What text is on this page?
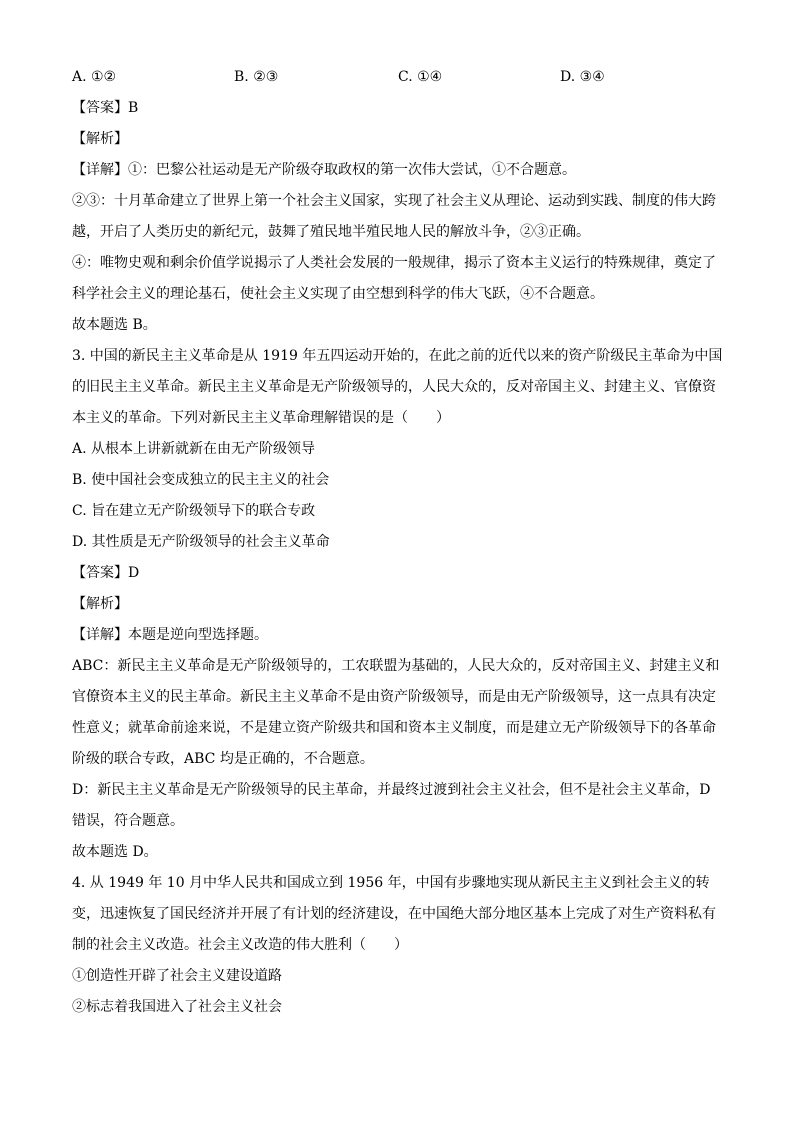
A. ①②	B. ②③	C. ①④	D. ③④
【答案】B
【解析】
【详解】①：巴黎公社运动是无产阶级夺取政权的第一次伟大尝试，①不合题意。
②③：十月革命建立了世界上第一个社会主义国家，实现了社会主义从理论、运动到实践、制度的伟大跨越，开启了人类历史的新纪元，鼓舞了殖民地半殖民地人民的解放斗争，②③正确。
④：唯物史观和剩余价值学说揭示了人类社会发展的一般规律，揭示了资本主义运行的特殊规律，奠定了科学社会主义的理论基石，使社会主义实现了由空想到科学的伟大飞跃，④不合题意。
故本题选 B。
3. 中国的新民主主义革命是从 1919 年五四运动开始的，在此之前的近代以来的资产阶级民主革命为中国的旧民主主义革命。新民主主义革命是无产阶级领导的，人民大众的，反对帝国主义、封建主义、官僚资本主义的革命。下列对新民主主义革命理解错误的是（　　）
A. 从根本上讲新就新在由无产阶级领导
B. 使中国社会变成独立的民主主义的社会
C. 旨在建立无产阶级领导下的联合专政
D. 其性质是无产阶级领导的社会主义革命
【答案】D
【解析】
【详解】本题是逆向型选择题。
ABC：新民主主义革命是无产阶级领导的，工农联盟为基础的，人民大众的，反对帝国主义、封建主义和官僚资本主义的民主革命。新民主主义革命不是由资产阶级领导，而是由无产阶级领导，这一点具有决定性意义；就革命前途来说，不是建立资产阶级共和国和资本主义制度，而是建立无产阶级领导下的各革命阶级的联合专政，ABC 均是正确的，不合题意。
D：新民主主义革命是无产阶级领导的民主革命，并最终过渡到社会主义社会，但不是社会主义革命，D 错误，符合题意。
故本题选 D。
4. 从 1949 年 10 月中华人民共和国成立到 1956 年，中国有步骤地实现从新民主主义到社会主义的转变，迅速恢复了国民经济并开展了有计划的经济建设，在中国绝大部分地区基本上完成了对生产资料私有制的社会主义改造。社会主义改造的伟大胜利（　　）
①创造性开辟了社会主义建设道路
②标志着我国进入了社会主义社会
